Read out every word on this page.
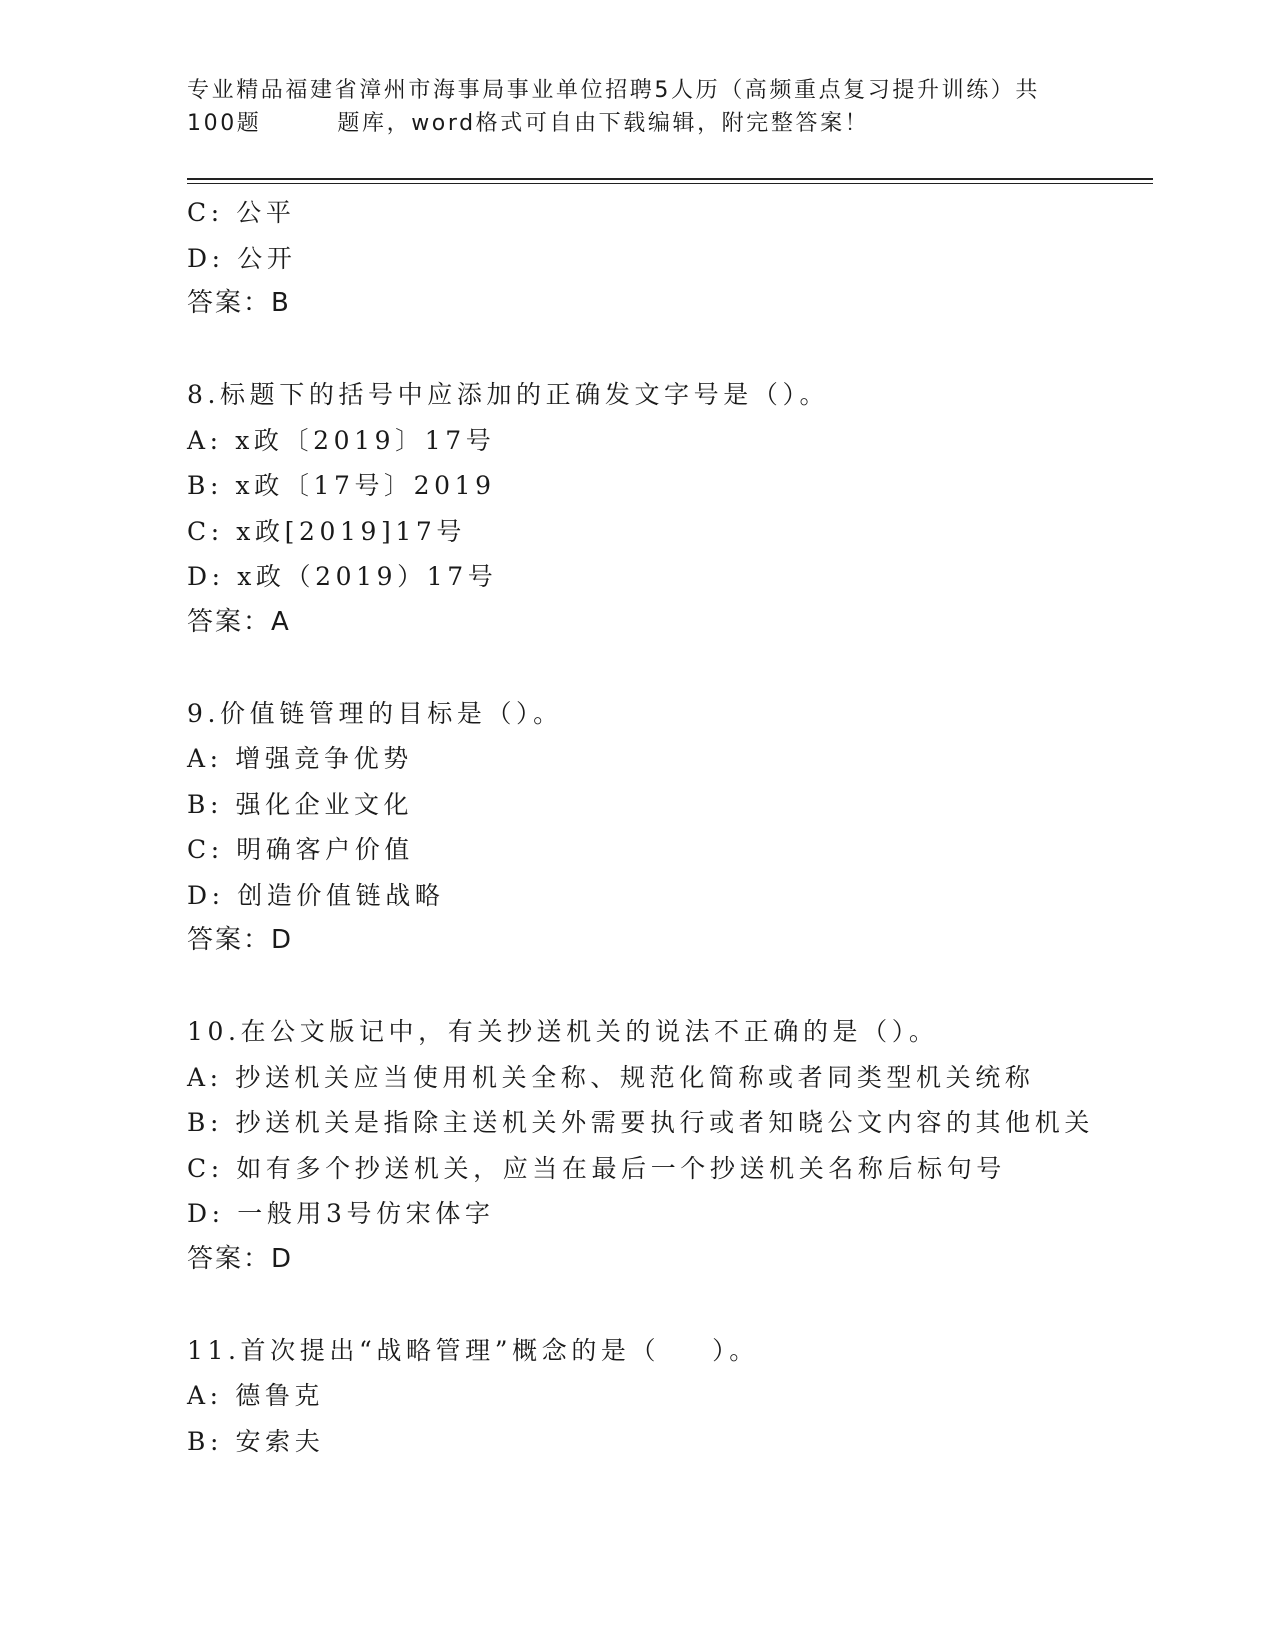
专业精品福建省漳州市海事局事业单位招聘5人历（高频重点复习提升训练）共
100题	题库，word格式可自由下载编辑，附完整答案！
C: 公平
D: 公开
答案：B
8.标题下的括号中应添加的正确发文字号是（）。
A: x政〔2019〕17号
B: x政〔17号〕2019
C: x政[2019]17号
D: x政（2019）17号
答案：A
9.价值链管理的目标是（）。
A: 增强竞争优势
B: 强化企业文化
C: 明确客户价值
D: 创造价值链战略
答案：D
10.在公文版记中，有关抄送机关的说法不正确的是（）。
A: 抄送机关应当使用机关全称、规范化简称或者同类型机关统称
B: 抄送机关是指除主送机关外需要执行或者知晓公文内容的其他机关
C: 如有多个抄送机关，应当在最后一个抄送机关名称后标句号
D: 一般用3号仿宋体字
答案：D
11.首次提出“战略管理”概念的是（ ）。
A: 德鲁克
B: 安索夫
